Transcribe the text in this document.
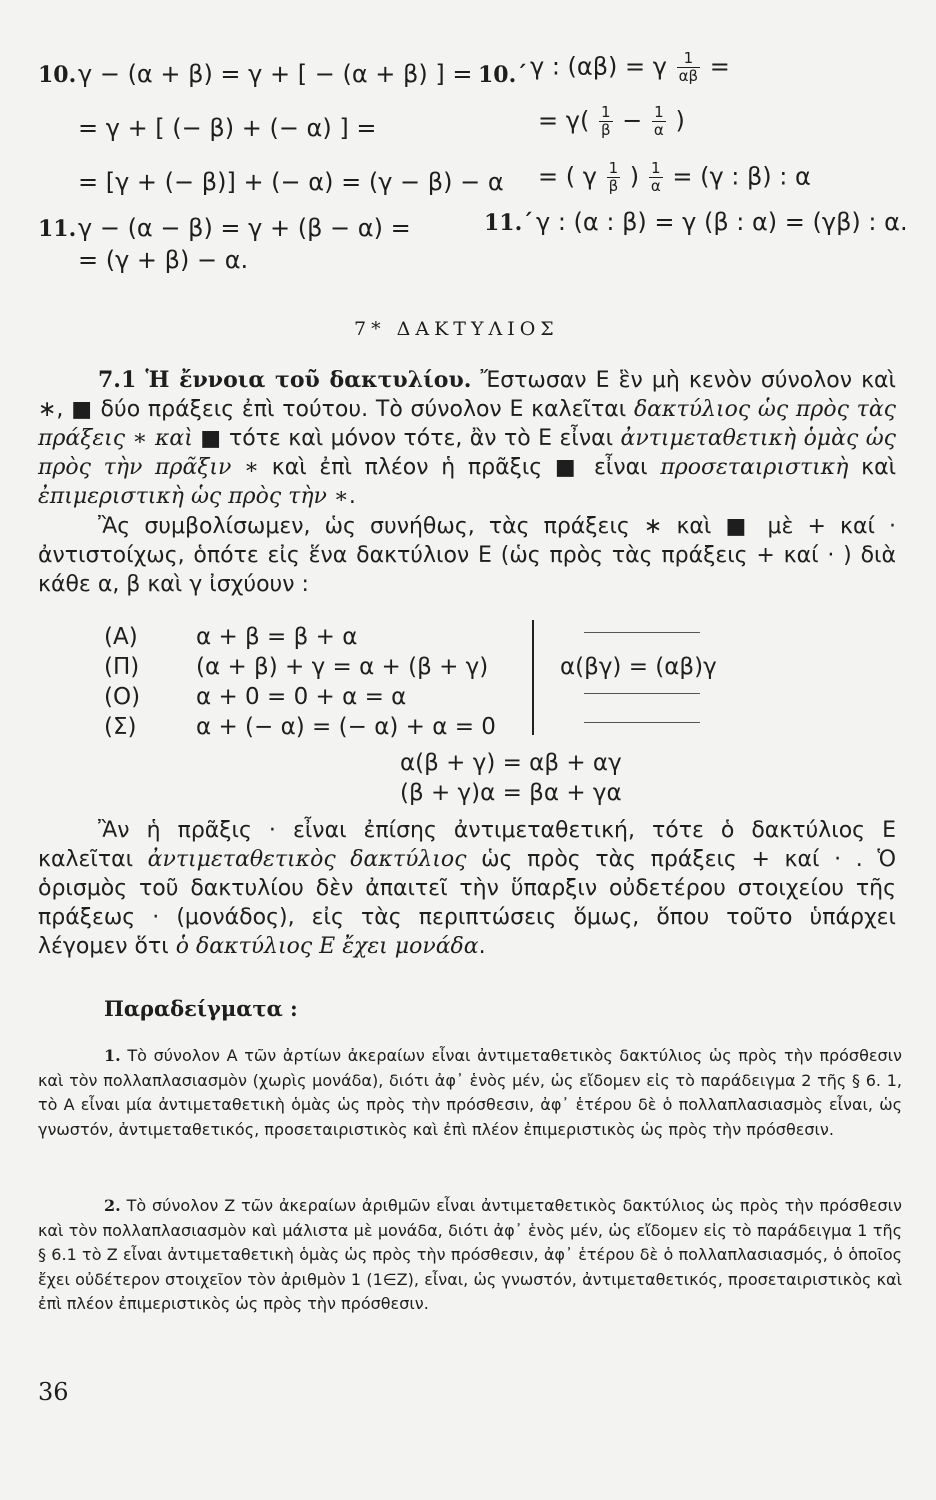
10. γ − (α + β) = γ + [ − (α + β) ] =
= γ + [ (− β) + (− α) ] =
= [γ + (− β)] + (− α) = (γ − β) − α
10.΄ γ : (αβ) = γ $\frac{1}{\alpha\beta}$ =
= $\gamma( \frac{1}{\beta} - \frac{1}{\alpha}$ )
= ( γ $\frac{1}{\beta}$ ) $\frac{1}{\alpha} = (\gamma$ : β) : α
11. γ − (α − β) = γ + (β − α) =
= (γ + β) − α.
11.΄ γ : (α : β) = γ (β : α) = (γβ) : α.
7* ΔΑΚΤΥΛΙΟΣ

7.1 Ἡ ἔννοια τοῦ δακτυλίου. Ἔστωσαν Ε ἓν μὴ κενὸν σύνολον καὶ ∗, ■ δύο πράξεις ἐπὶ τούτου. Τὸ σύνολον Ε καλεῖται δακτύλιος ὡς πρὸς τὰς πράξεις ∗ καὶ ■ τότε καὶ μόνον τότε, ἂν τὸ Ε εἶναι ἀντιμεταθετικὴ ὁμὰς ὡς πρὸς τὴν πρᾶξιν ∗ καὶ ἐπὶ πλέον ἡ πρᾶξις ■ εἶναι προσεταιριστικὴ καὶ ἐπιμεριστικὴ ὡς πρὸς τὴν ∗.

Ἂς συμβολίσωμεν, ὡς συνήθως, τὰς πράξεις ∗ καὶ ■ μὲ + καί · ἀντιστοίχως, ὁπότε εἰς ἕνα δακτύλιον Ε (ὡς πρὸς τὰς πράξεις + καί · ) διὰ κάθε α, β καὶ γ ἰσχύουν :

(Α)	α + β = β + α
(Π) (α + β) + γ = α + (β + γ)
(Ο) α + 0 = 0 + α = α
(Σ)	α + (− α) = (− α) + α = 0
α(βγ) = (αβ)γ
α(β + γ) = αβ + αγ
(β + γ)α = βα + γα

Ἂν ἡ πρᾶξις · εἶναι ἐπίσης ἀντιμεταθετική, τότε ὁ δακτύλιος Ε καλεῖται ἀντιμεταθετικὸς δακτύλιος ὡς πρὸς τὰς πράξεις + καί · . Ὁ ὁρισμὸς τοῦ δακτυλίου δὲν ἀπαιτεῖ τὴν ὕπαρξιν οὐδετέρου στοιχείου τῆς πράξεως · (μονάδος), εἰς τὰς περιπτώσεις ὅμως, ὅπου τοῦτο ὑπάρχει λέγομεν ὅτι ὁ δακτύλιος Ε ἔχει μονάδα.

Παραδείγματα :

1. Τὸ σύνολον Α τῶν ἀρτίων ἀκεραίων εἶναι ἀντιμεταθετικὸς δακτύλιος ὡς πρὸς τὴν πρόσθεσιν καὶ τὸν πολλαπλασιασμὸν (χωρὶς μονάδα), διότι ἀφ᾽ ἑνὸς μέν, ὡς εἴδομεν εἰς τὸ παράδειγμα 2 τῆς § 6. 1, τὸ Α εἶναι μία ἀντιμεταθετικὴ ὁμὰς ὡς πρὸς τὴν πρόσθεσιν, ἀφ᾽ ἑτέρου δὲ ὁ πολλαπλασιασμὸς εἶναι, ὡς γνωστόν, ἀντιμεταθετικός, προσεταιριστικὸς καὶ ἐπὶ πλέον ἐπιμεριστικὸς ὡς πρὸς τὴν πρόσθεσιν.

2. Τὸ σύνολον Ζ τῶν ἀκεραίων ἀριθμῶν εἶναι ἀντιμεταθετικὸς δακτύλιος ὡς πρὸς τὴν πρόσθεσιν καὶ τὸν πολλαπλασιασμὸν καὶ μάλιστα μὲ μονάδα, διότι ἀφ᾽ ἑνὸς μέν, ὡς εἴδομεν εἰς τὸ παράδειγμα 1 τῆς § 6.1 τὸ Ζ εἶναι ἀντιμεταθετικὴ ὁμὰς ὡς πρὸς τὴν πρόσθεσιν, ἀφ᾽ ἑτέρου δὲ ὁ πολλαπλασιασμός, ὁ ὁποῖος ἔχει οὐδέτερον στοιχεῖον τὸν ἀριθμὸν 1 (1∈Ζ), εἶναι, ὡς γνωστόν, ἀντιμεταθετικός, προσεταιριστικὸς καὶ ἐπὶ πλέον ἐπιμεριστικὸς ὡς πρὸς τὴν πρόσθεσιν.

36
